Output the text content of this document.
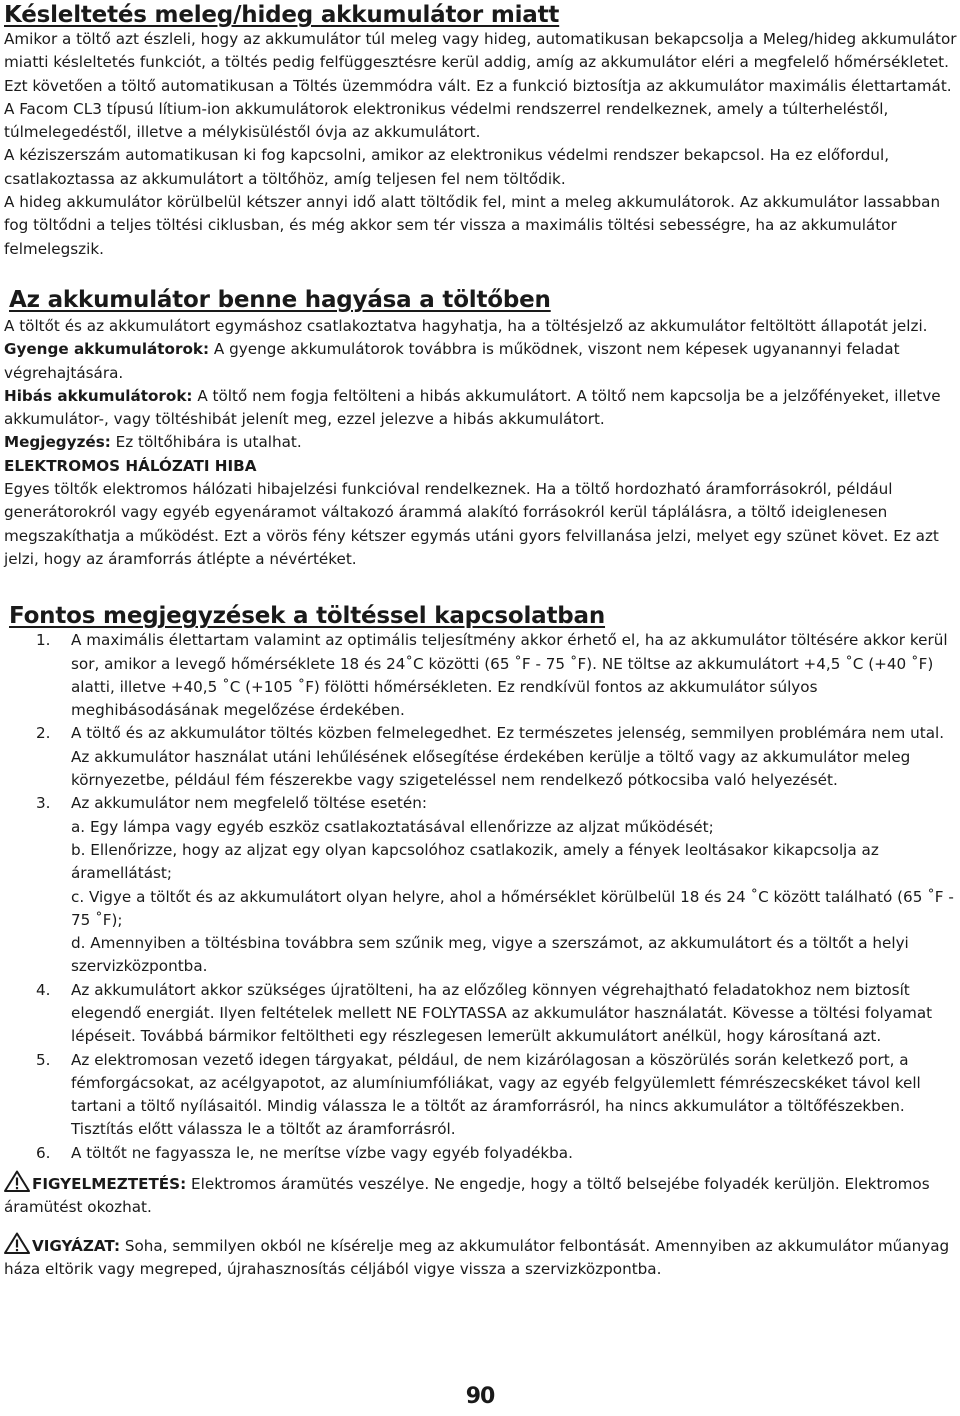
Késleltetés meleg/hideg akkumulátor miatt

Amikor a töltő azt észleli, hogy az akkumulátor túl meleg vagy hideg, automatikusan bekapcsolja a Meleg/hideg akkumulátor miatti késleltetés funkciót, a töltés pedig felfüggesztésre kerül addig, amíg az akkumulátor eléri a megfelelő hőmérsékletet. Ezt követően a töltő automatikusan a Töltés üzemmódra vált. Ez a funkció biztosítja az akkumulátor maximális élettartamát.

A Facom CL3 típusú lítium-ion akkumulátorok elektronikus védelmi rendszerrel rendelkeznek, amely a túlterheléstől, túlmelegedéstől, illetve a mélykisüléstől óvja az akkumulátort.

A kéziszerszám automatikusan ki fog kapcsolni, amikor az elektronikus védelmi rendszer bekapcsol. Ha ez előfordul, csatlakoztassa az akkumulátort a töltőhöz, amíg teljesen fel nem töltődik.

A hideg akkumulátor körülbelül kétszer annyi idő alatt töltődik fel, mint a meleg akkumulátorok. Az akkumulátor lassabban fog töltődni a teljes töltési ciklusban, és még akkor sem tér vissza a maximális töltési sebességre, ha az akkumulátor felmelegszik.

Az akkumulátor benne hagyása a töltőben

A töltőt és az akkumulátort egymáshoz csatlakoztatva hagyhatja, ha a töltésjelző az akkumulátor feltöltött állapotát jelzi.

Gyenge akkumulátorok: A gyenge akkumulátorok továbbra is működnek, viszont nem képesek ugyanannyi feladat végrehajtására.

Hibás akkumulátorok: A töltő nem fogja feltölteni a hibás akkumulátort. A töltő nem kapcsolja be a jelzőfényeket, illetve akkumulátor-, vagy töltéshibát jelenít meg, ezzel jelezve a hibás akkumulátort.

Megjegyzés: Ez töltőhibára is utalhat.

ELEKTROMOS HÁLÓZATI HIBA

Egyes töltők elektromos hálózati hibajelzési funkcióval rendelkeznek. Ha a töltő hordozható áramforrásokról, például generátorokról vagy egyéb egyenáramot váltakozó árammá alakító forrásokról kerül táplálásra, a töltő ideiglenesen megszakíthatja a működést. Ezt a vörös fény kétszer egymás utáni gyors felvillanása jelzi, melyet egy szünet követ. Ez azt jelzi, hogy az áramforrás átlépte a névértéket.

Fontos megjegyzések a töltéssel kapcsolatban
1. A maximális élettartam valamint az optimális teljesítmény akkor érhető el, ha az akkumulátor töltésére akkor kerül sor, amikor a levegő hőmérséklete 18 és 24˚C közötti (65 ˚F - 75 ˚F). NE töltse az akkumulátort +4,5 ˚C (+40 ˚F) alatti, illetve +40,5 ˚C (+105 ˚F) fölötti hőmérsékleten. Ez rendkívül fontos az akkumulátor súlyos meghibásodásának megelőzése érdekében.
2. A töltő és az akkumulátor töltés közben felmelegedhet. Ez természetes jelenség, semmilyen problémára nem utal. Az akkumulátor használat utáni lehűlésének elősegítése érdekében kerülje a töltő vagy az akkumulátor meleg környezetbe, például fém fészerekbe vagy szigeteléssel nem rendelkező pótkocsiba való helyezését.
3. Az akkumulátor nem megfelelő töltése esetén:
a. Egy lámpa vagy egyéb eszköz csatlakoztatásával ellenőrizze az aljzat működését;
b. Ellenőrizze, hogy az aljzat egy olyan kapcsolóhoz csatlakozik, amely a fények leoltásakor kikapcsolja az áramellátást;
c. Vigye a töltőt és az akkumulátort olyan helyre, ahol a hőmérséklet körülbelül 18 és 24 ˚C között található (65 ˚F - 75 ˚F);
d. Amennyiben a töltésbina továbbra sem szűnik meg, vigye a szerszámot, az akkumulátort és a töltőt a helyi szervizközpontba.
4. Az akkumulátort akkor szükséges újratölteni, ha az előzőleg könnyen végrehajtható feladatokhoz nem biztosít elegendő energiát. Ilyen feltételek mellett NE FOLYTASSA az akkumulátor használatát. Kövesse a töltési folyamat lépéseit. Továbbá bármikor feltöltheti egy részlegesen lemerült akkumulátort anélkül, hogy károsítaná azt.
5. Az elektromosan vezető idegen tárgyakat, például, de nem kizárólagosan a köszörülés során keletkező port, a fémforgácsokat, az acélgyapotot, az alumíniumfóliákat, vagy az egyéb felgyülemlett fémrészecskéket távol kell tartani a töltő nyílásaitól. Mindig válassza le a töltőt az áramforrásról, ha nincs akkumulátor a töltőfészekben. Tisztítás előtt válassza le a töltőt az áramforrásról.
6. A töltőt ne fagyassza le, ne merítse vízbe vagy egyéb folyadékba.

FIGYELMEZTETÉS: Elektromos áramütés veszélye. Ne engedje, hogy a töltő belsejébe folyadék kerüljön. Elektromos áramütést okozhat.

VIGYÁZAT: Soha, semmilyen okból ne kísérelje meg az akkumulátor felbontását. Amennyiben az akkumulátor műanyag háza eltörik vagy megreped, újrahasznosítás céljából vigye vissza a szervizközpontba.

90
